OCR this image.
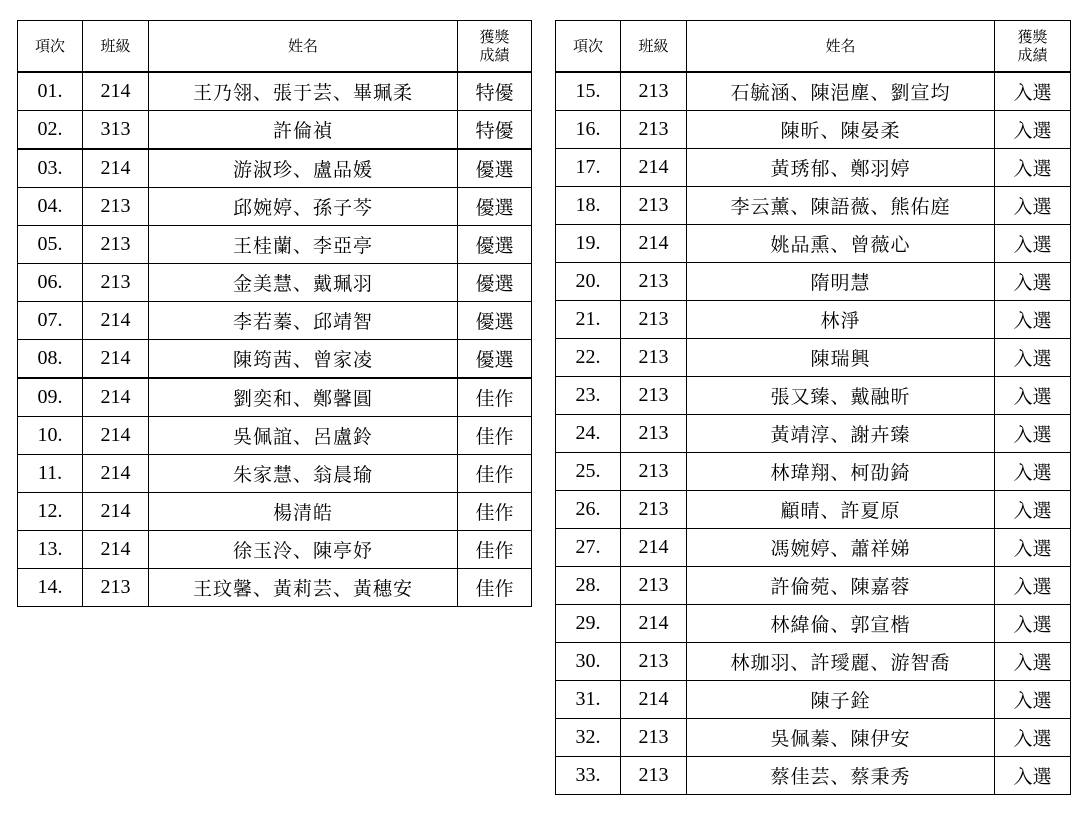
項次	班級	姓名	獲獎
成績

01.	214	王乃翎、張于芸、畢珮柔	特優
02.	313	許倫禎	特優
03.	214	游淑珍、盧品媛	優選
04.	213	邱婉婷、孫子芩	優選
05.	213	王桂蘭、李亞亭	優選
06.	213	金美慧、戴珮羽	優選
07.	214	李若蓁、邱靖智	優選
08.	214	陳筠茜、曾家凌	優選
09.	214	劉奕和、鄭馨圓	佳作
10.	214	吳佩誼、呂盧鈴	佳作
11.	214	朱家慧、翁晨瑜	佳作
12.	214	楊清皓	佳作
13.	214	徐玉泠、陳亭妤	佳作
14.	213	王玟馨、黃莉芸、黃穗安	佳作
項次	班級	姓名	獲獎
成績

15.	213	石毓涵、陳浥塵、劉宣均	入選
16.	213	陳昕、陳晏柔	入選
17.	214	黃琇郁、鄭羽婷	入選
18.	213	李云薰、陳語薇、熊佑庭	入選
19.	214	姚品熏、曾薇心	入選
20.	213	隋明慧	入選
21.	213	林淨	入選
22.	213	陳瑞興	入選
23.	213	張又臻、戴融昕	入選
24.	213	黃靖淳、謝卉臻	入選
25.	213	林瑋翔、柯劭錡	入選
26.	213	顧晴、許夏原	入選
27.	214	馮婉婷、蕭祥娣	入選
28.	213	許倫菀、陳嘉蓉	入選
29.	214	林緯倫、郭宣楷	入選
30.	213	林珈羽、許璦麗、游智喬	入選
31.	214	陳子銓	入選
32.	213	吳佩蓁、陳伊安	入選
33.	213	蔡佳芸、蔡秉秀	入選
